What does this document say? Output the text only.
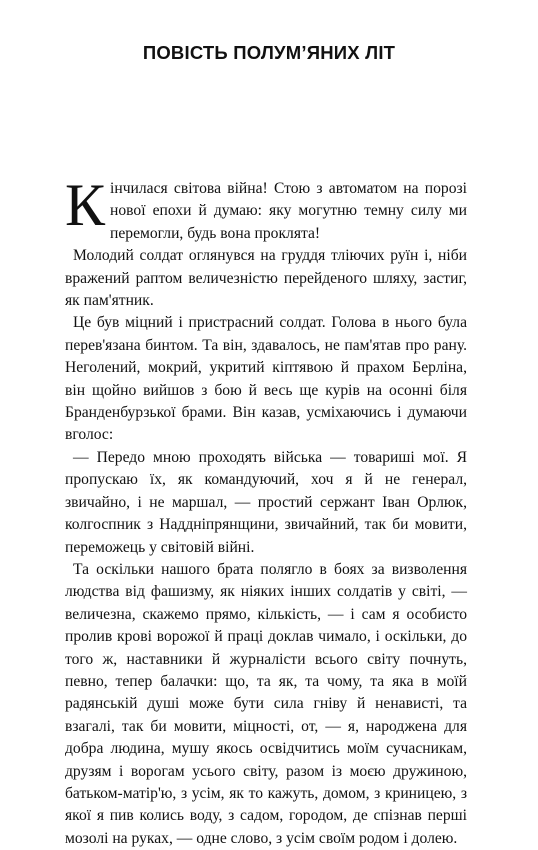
ПОВІСТЬ ПОЛУМ’ЯНИХ ЛІТ

Кінчилася світова війна! Стою з автоматом на порозі нової епохи й думаю: яку могутню темну силу ми перемогли, будь вона проклята!

Молодий солдат оглянувся на груддя тліючих руїн і, ніби вражений раптом величезністю перейденого шляху, застиг, як пам'ятник.

Це був міцний і пристрасний солдат. Голова в нього була перев'язана бинтом. Та він, здавалось, не пам'ятав про рану. Неголений, мокрий, укритий кіптявою й прахом Берліна, він щойно вийшов з бою й весь ще курів на осонні біля Бранденбурзької брами. Він казав, усміхаючись і думаючи вголос:

— Передо мною проходять війська — товариші мої. Я пропускаю їх, як командуючий, хоч я й не генерал, звичайно, і не маршал, — простий сержант Іван Орлюк, колгоспник з Наддніпрянщини, звичайний, так би мовити, переможець у світовій війні.

Та оскільки нашого брата полягло в боях за визволення людства від фашизму, як ніяких інших солдатів у світі, — величезна, скажемо прямо, кількість, — і сам я особисто пролив крові ворожої й праці доклав чимало, і оскільки, до того ж, наставники й журналісти всього світу почнуть, певно, тепер балачки: що, та як, та чому, та яка в моїй радянській душі може бути сила гніву й ненависті, та взагалі, так би мовити, міцності, от, — я, народжена для добра людина, мушу якось освідчитись моїм сучасникам, друзям і ворогам усього світу, разом із моєю дружиною, батьком-матір'ю, з усім, як то кажуть, домом, з криницею, з якої я пив колись воду, з садом, городом, де спізнав перші мозолі на руках, — одне слово, з усім своїм родом і долею.
